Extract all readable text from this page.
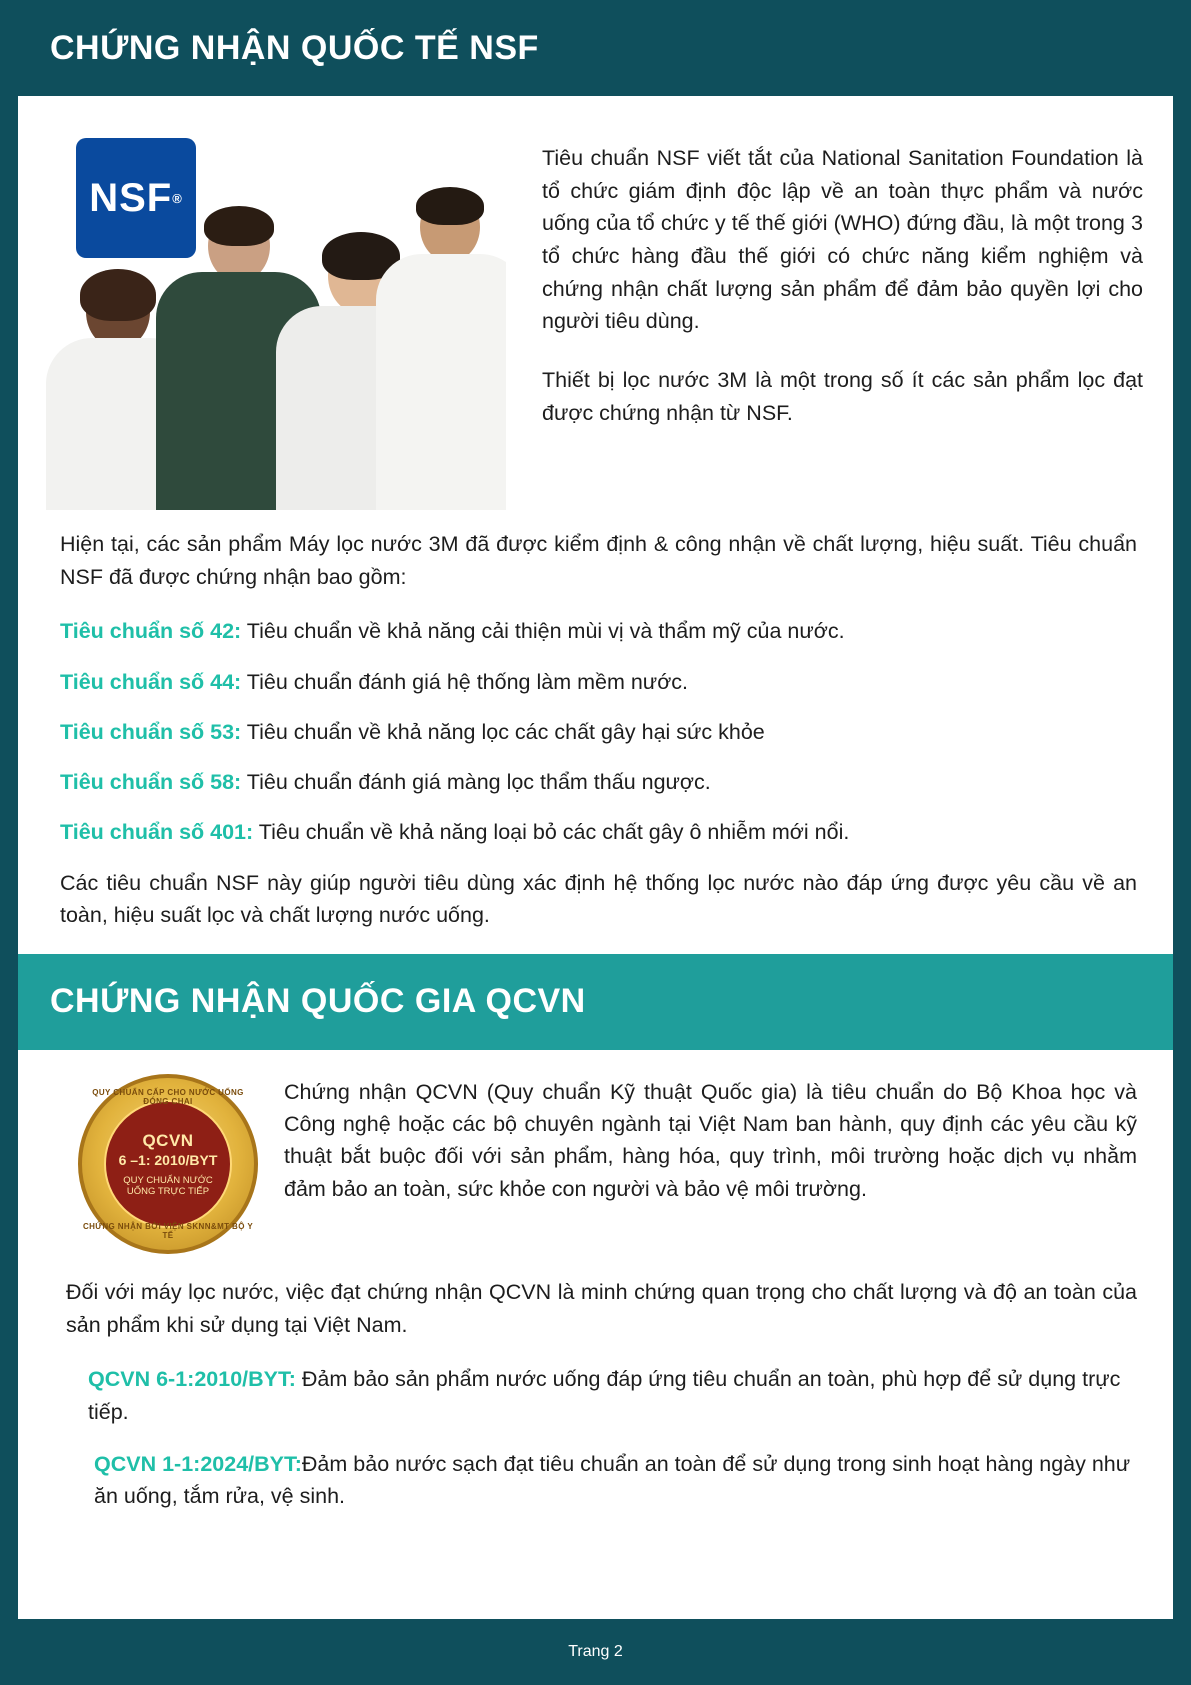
CHỨNG NHẬN QUỐC TẾ NSF
NSF ®

Tiêu chuẩn NSF viết tắt của National Sanitation Foundation là tổ chức giám định độc lập về an toàn thực phẩm và nước uống của tổ chức y tế thế giới (WHO) đứng đầu, là một trong 3 tổ chức hàng đầu thế giới có chức năng kiểm nghiệm và chứng nhận chất lượng sản phẩm để đảm bảo quyền lợi cho người tiêu dùng.

Thiết bị lọc nước 3M là một trong số ít các sản phẩm lọc đạt được chứng nhận từ NSF.

Hiện tại, các sản phẩm Máy lọc nước 3M đã được kiểm định & công nhận về chất lượng, hiệu suất. Tiêu chuẩn NSF đã được chứng nhận bao gồm:

Tiêu chuẩn số 42: Tiêu chuẩn về khả năng cải thiện mùi vị và thẩm mỹ của nước.
Tiêu chuẩn số 44: Tiêu chuẩn đánh giá hệ thống làm mềm nước.
Tiêu chuẩn số 53: Tiêu chuẩn về khả năng lọc các chất gây hại sức khỏe
Tiêu chuẩn số 58: Tiêu chuẩn đánh giá màng lọc thẩm thấu ngược.
Tiêu chuẩn số 401: Tiêu chuẩn về khả năng loại bỏ các chất gây ô nhiễm mới nổi.

Các tiêu chuẩn NSF này giúp người tiêu dùng xác định hệ thống lọc nước nào đáp ứng được yêu cầu về an toàn, hiệu suất lọc và chất lượng nước uống.

CHỨNG NHẬN QUỐC GIA QCVN
QUY CHUẨN CẤP CHO NƯỚC UỐNG ĐÓNG CHAI
CHỨNG NHẬN BỞI VIỆN SKNN&MT BỘ Y TẾ
QCVN
6 –1: 2010/BYT
QUY CHUẨN NƯỚC
UỐNG TRỰC TIẾP

Chứng nhận QCVN (Quy chuẩn Kỹ thuật Quốc gia) là tiêu chuẩn do Bộ Khoa học và Công nghệ hoặc các bộ chuyên ngành tại Việt Nam ban hành, quy định các yêu cầu kỹ thuật bắt buộc đối với sản phẩm, hàng hóa, quy trình, môi trường hoặc dịch vụ nhằm đảm bảo an toàn, sức khỏe con người và bảo vệ môi trường.

Đối với máy lọc nước, việc đạt chứng nhận QCVN là minh chứng quan trọng cho chất lượng và độ an toàn của sản phẩm khi sử dụng tại Việt Nam.

QCVN 6-1:2010/BYT: Đảm bảo sản phẩm nước uống đáp ứng tiêu chuẩn an toàn, phù hợp để sử dụng trực tiếp.

QCVN 1-1:2024/BYT:Đảm bảo nước sạch đạt tiêu chuẩn an toàn để sử dụng trong sinh hoạt hàng ngày như ăn uống, tắm rửa, vệ sinh.

Trang 2
